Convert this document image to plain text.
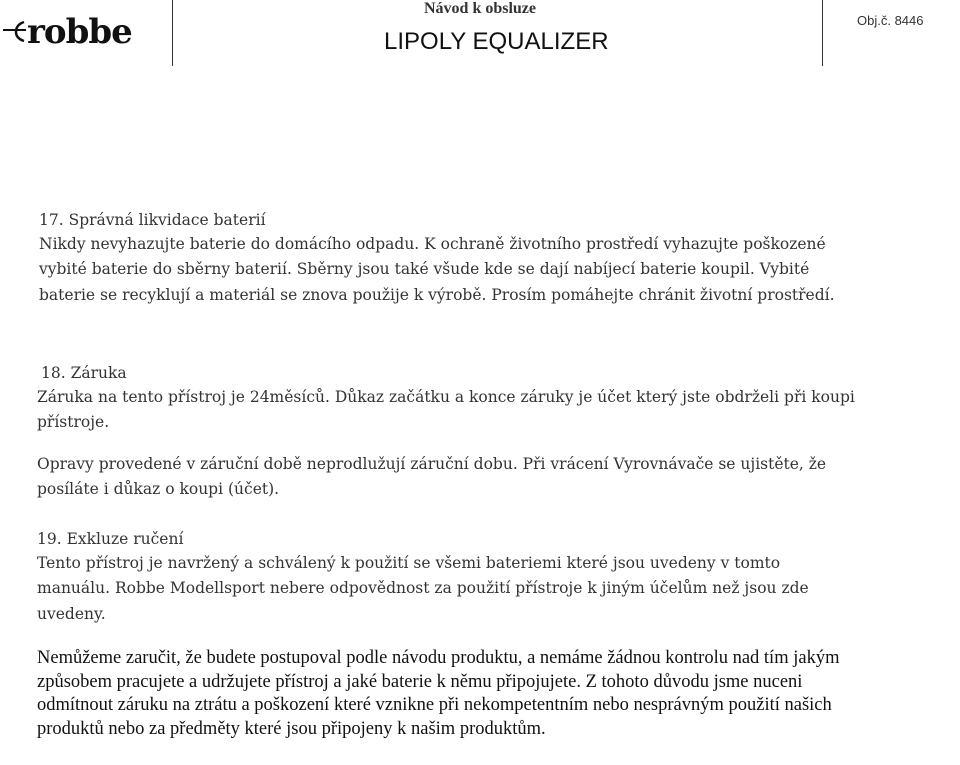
robbe
Návod k obsluze
LIPOLY EQUALIZER
Obj.č. 8446

17. Správná likvidace baterií

Nikdy nevyhazujte baterie do domácího odpadu. K ochraně životního prostředí vyhazujte poškozené vybité baterie do sběrny baterií. Sběrny jsou také všude kde se dají nabíjecí baterie koupil. Vybité baterie se recyklují a materiál se znova použije k výrobě. Prosím pomáhejte chránit životní prostředí.

18. Záruka

Záruka na tento přístroj je 24měsíců. Důkaz začátku a konce záruky je účet který jste obdrželi při koupi přístroje.

Opravy provedené v záruční době neprodlužují záruční dobu. Při vrácení Vyrovnávače se ujistěte, že posíláte i důkaz o koupi (účet).

19. Exkluze ručení

Tento přístroj je navržený a schválený k použití se všemi bateriemi které jsou uvedeny v tomto manuálu. Robbe Modellsport nebere odpovědnost za použití přístroje k jiným účelům než jsou zde uvedeny.

Nemůžeme zaručit, že budete postupoval podle návodu produktu, a nemáme žádnou kontrolu nad tím jakým způsobem pracujete a udržujete přístroj a jaké baterie k němu připojujete. Z tohoto důvodu jsme nuceni odmítnout záruku na ztrátu a poškození které vznikne při nekompetentním nebo nesprávným použití našich produktů nebo za předměty které jsou připojeny k našim produktům.
